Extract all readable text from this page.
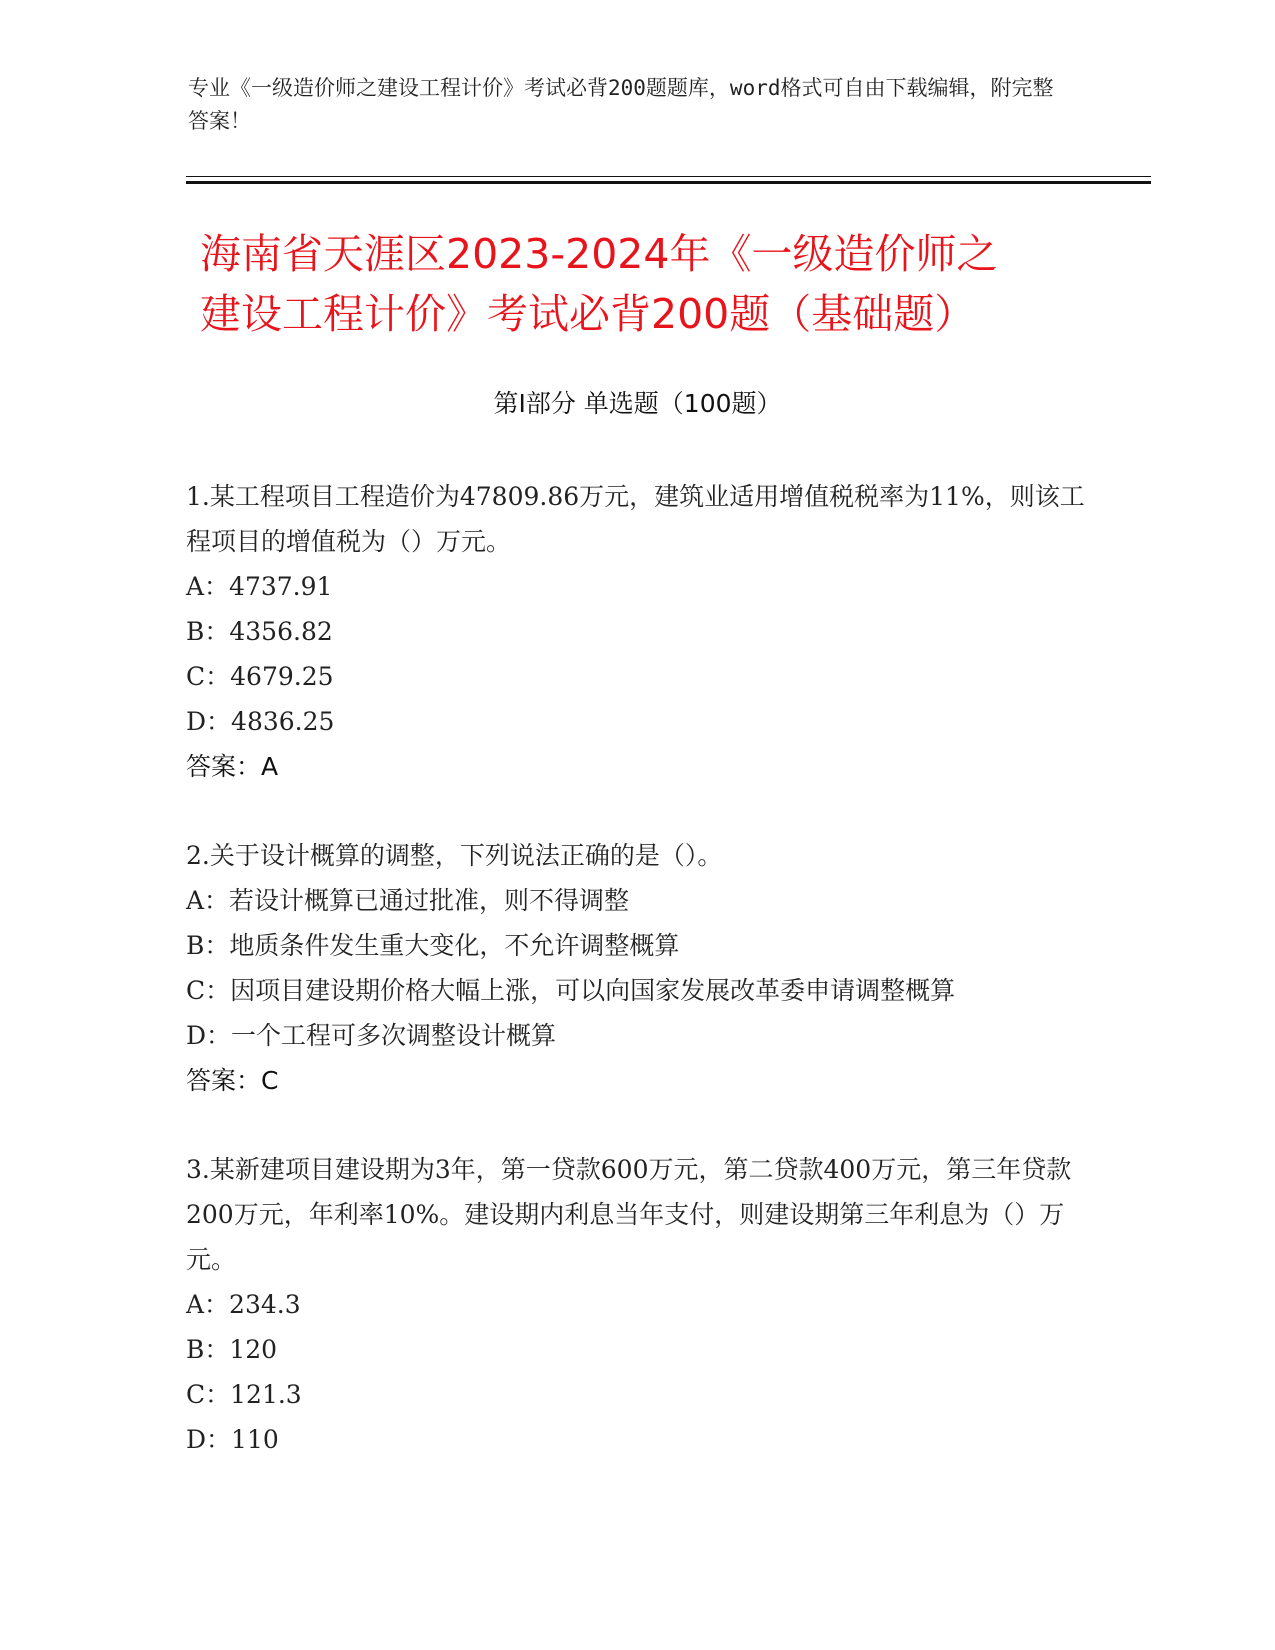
专业《一级造价师之建设工程计价》考试必背200题题库，word格式可自由下载编辑，附完整答案！
海南省天涯区2023-2024年《一级造价师之
建设工程计价》考试必背200题（基础题）
第Ⅰ部分 单选题（100题）
1.某工程项目工程造价为47809.86万元，建筑业适用增值税税率为11%，则该工程项目的增值税为（）万元。
A：4737.91
B：4356.82
C：4679.25
D：4836.25
答案：A
2.关于设计概算的调整，下列说法正确的是（）。
A：若设计概算已通过批准，则不得调整
B：地质条件发生重大变化，不允许调整概算
C：因项目建设期价格大幅上涨，可以向国家发展改革委申请调整概算
D：一个工程可多次调整设计概算
答案：C
3.某新建项目建设期为3年，第一贷款600万元，第二贷款400万元，第三年贷款200万元，年利率10%。建设期内利息当年支付，则建设期第三年利息为（）万元。
A：234.3
B：120
C：121.3
D：110
